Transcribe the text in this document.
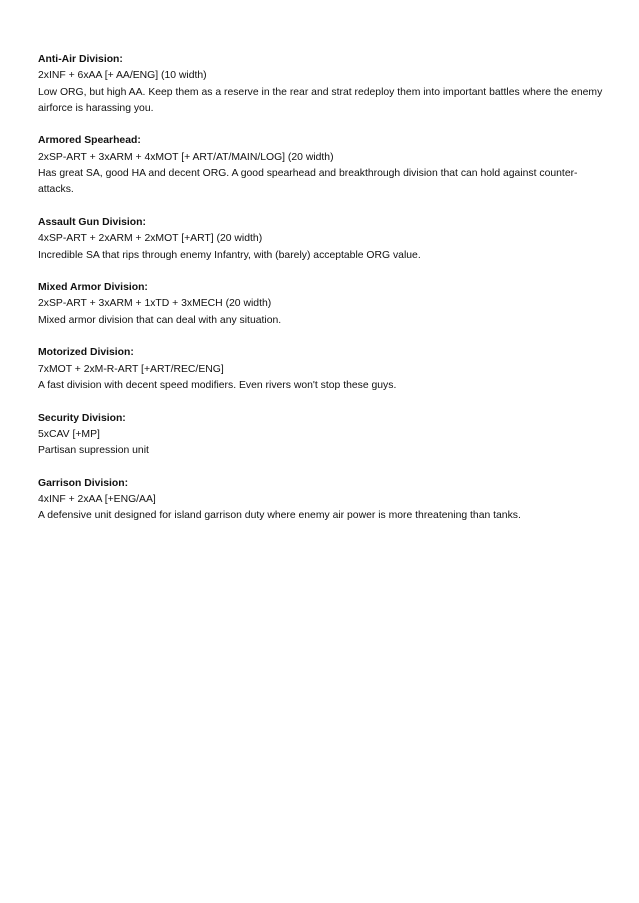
Anti-Air Division:
2xINF + 6xAA [+ AA/ENG] (10 width)
Low ORG, but high AA. Keep them as a reserve in the rear and strat redeploy them into important battles where the enemy airforce is harassing you.
Armored Spearhead:
2xSP-ART + 3xARM + 4xMOT [+ ART/AT/MAIN/LOG] (20 width)
Has great SA, good HA and decent ORG. A good spearhead and breakthrough division that can hold against counter-attacks.
Assault Gun Division:
4xSP-ART + 2xARM + 2xMOT [+ART] (20 width)
Incredible SA that rips through enemy Infantry, with (barely) acceptable ORG value.
Mixed Armor Division:
2xSP-ART + 3xARM + 1xTD + 3xMECH (20 width)
Mixed armor division that can deal with any situation.
Motorized Division:
7xMOT + 2xM-R-ART [+ART/REC/ENG]
A fast division with decent speed modifiers. Even rivers won't stop these guys.
Security Division:
5xCAV [+MP]
Partisan supression unit
Garrison Division:
4xINF + 2xAA [+ENG/AA]
A defensive unit designed for island garrison duty where enemy air power is more threatening than tanks.
